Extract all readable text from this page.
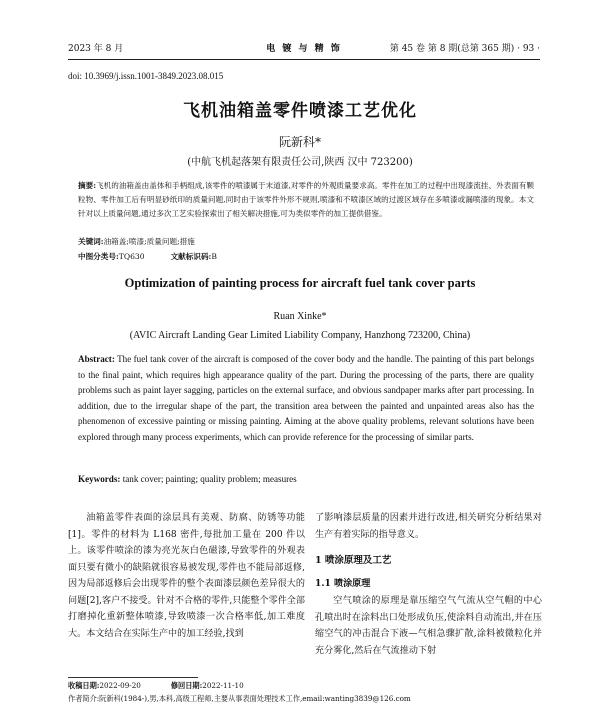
2023 年 8 月	电 镀 与 精 饰	第 45 卷 第 8 期(总第 365 期) · 93 ·
doi: 10.3969/j.issn.1001-3849.2023.08.015
飞机油箱盖零件喷漆工艺优化
阮新科*
(中航飞机起落架有限责任公司,陕西 汉中 723200)
摘要:飞机的油箱盖由盖体和手柄组成,该零件的喷漆属于末道漆,对零件的外观质量要求高。零件在加工的过程中出现漆流挂、外表面有颗粒物、零件加工后有明显砂纸印的质量问题,同时由于该零件外形不规则,喷漆和不喷漆区域的过渡区域存在多喷漆或漏喷漆的现象。本文针对以上质量问题,通过多次工艺实验探索出了相关解决措施,可为类似零件的加工提供借鉴。
关键词:油箱盖;喷漆;质量问题;措施
中图分类号:TQ630	文献标识码:B
Optimization of painting process for aircraft fuel tank cover parts
Ruan Xinke*
(AVIC Aircraft Landing Gear Limited Liability Company, Hanzhong 723200, China)
Abstract: The fuel tank cover of the aircraft is composed of the cover body and the handle. The painting of this part belongs to the final paint, which requires high appearance quality of the part. During the processing of the parts, there are quality problems such as paint layer sagging, particles on the external surface, and obvious sandpaper marks after part processing. In addition, due to the irregular shape of the part, the transition area between the painted and unpainted areas also has the phenomenon of excessive painting or missing painting. Aiming at the above quality problems, relevant solutions have been explored through many process experiments, which can provide reference for the processing of similar parts.
Keywords: tank cover; painting; quality problem; measures
油箱盖零件表面的涂层具有美观、防腐、防锈等功能[1]。零件的材料为 L168 密件,每批加工量在 200 件以上。该零件喷涂的漆为亮光灰白色磁漆,导致零件的外观表面只要有微小的缺陷就很容易被发现,零件也不能局部返修,因为局部返修后会出现零件的整个表面漆层颜色差异很大的问题[2],客户不接受。针对不合格的零件,只能整个零件全部打磨掉化重新整体喷漆,导致喷漆一次合格率低,加工难度大。本文结合在实际生产中的加工经验,找到
了影响漆层质量的因素并进行改进,相关研究分析结果对生产有着实际的指导意义。
1 喷涂原理及工艺
1.1 喷涂原理
空气喷涂的原理是靠压缩空气气流从空气帽的中心孔喷出时在涂料出口处形成负压,使涂料自动流出,并在压缩空气的冲击混合下液—气相急骤扩散,涂料被微粒化并充分雾化,然后在气流推动下射
收稿日期:2022-09-20	修回日期:2022-11-10
作者简介:阮新科(1984-),男,本科,高级工程师,主要从事表面处理技术工作,email:wanting3839@126.com
